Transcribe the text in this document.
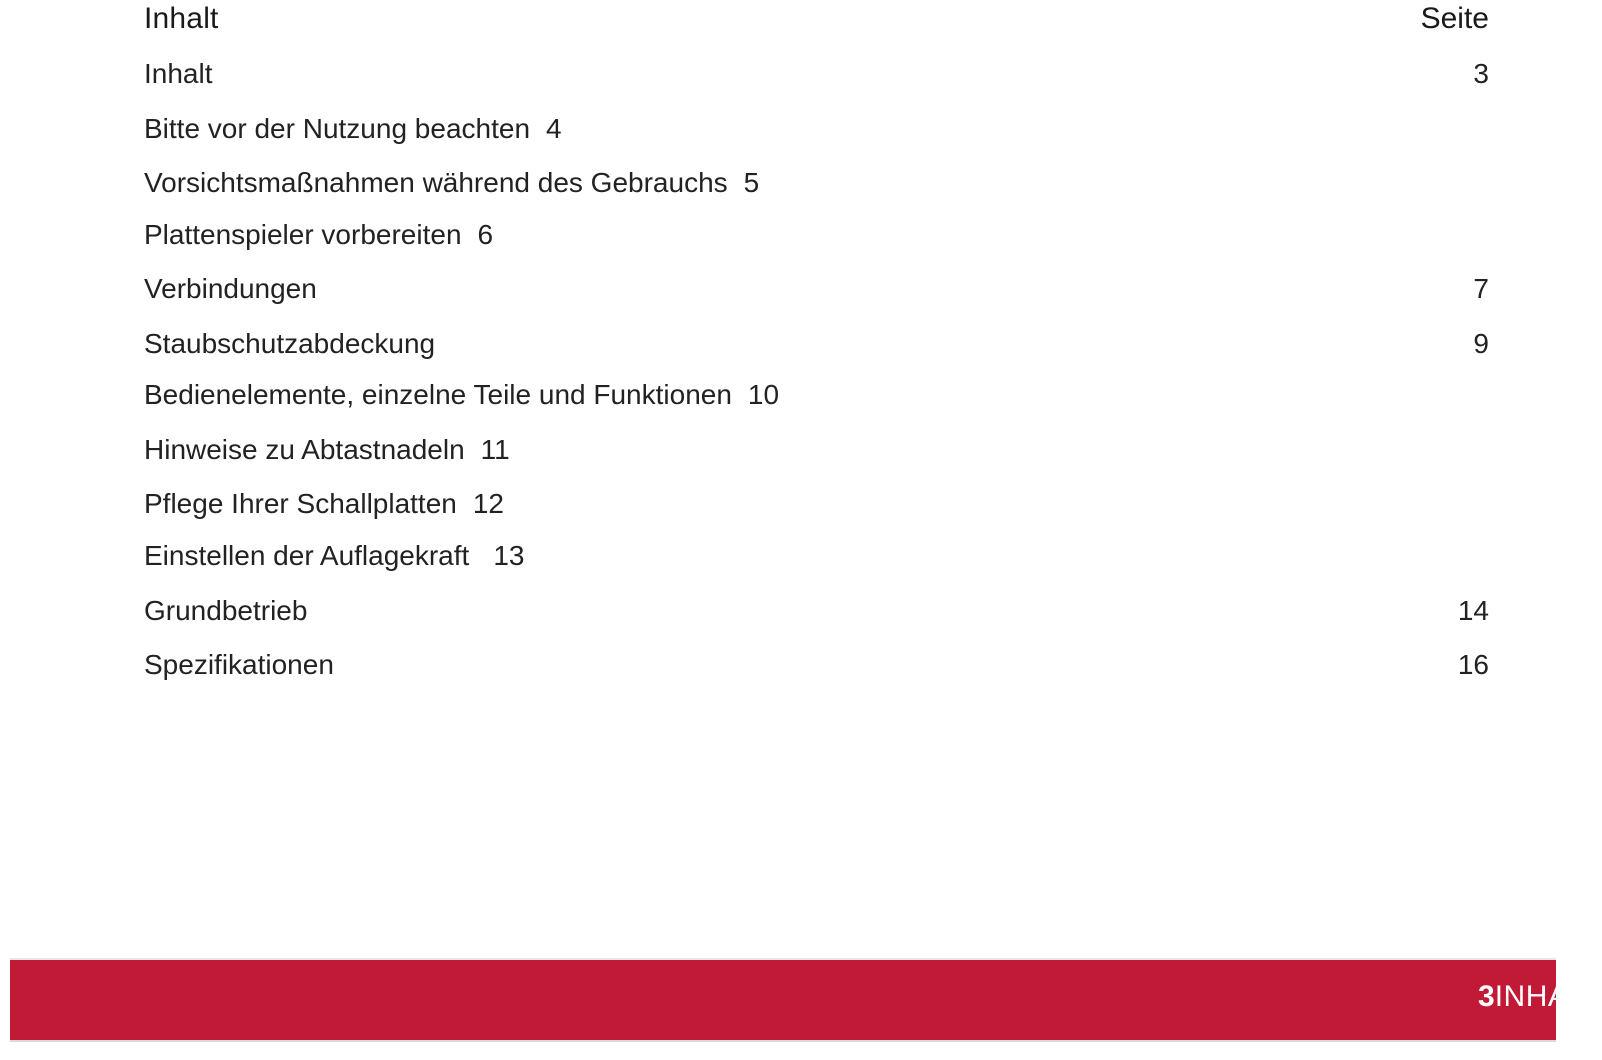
Inhalt	Seite
Inhalt	3
Bitte vor der Nutzung beachten 4
Vorsichtsmaßnahmen während des Gebrauchs 5
Plattenspieler vorbereiten 6
Verbindungen	7
Staubschutzabdeckung	9
Bedienelemente, einzelne Teile und Funktionen 10
Hinweise zu Abtastnadeln 11
Pflege Ihrer Schallplatten 12
Einstellen der Auflagekraft 13
Grundbetrieb	14
Spezifikationen	16
3INHALT
